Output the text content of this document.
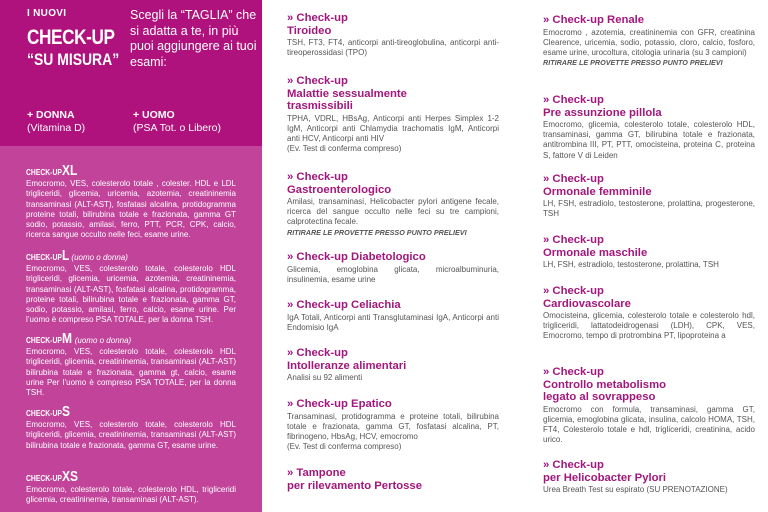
I NUOVI
CHECK-UP
“SU MISURA”
Scegli la “TAGLIA” che si adatta a te, in più puoi aggiungere ai tuoi esami:
+ DONNA
(Vitamina D)
+ UOMO
(PSA Tot. o Libero)
CHECK-UP XL
Emocromo, VES, colesterolo totale , colester. HDL e LDL trigliceridi, glicemia, uricemia, azotemia, creatininemia transaminasi (ALT-AST), fosfatasi alcalina, protidogramma proteine totali, bilirubina totale e frazionata, gamma GT sodio, potassio, amilasi, ferro, PTT, PCR, CPK, calcio, ricerca sangue occulto nelle feci, esame urine.
CHECK-UP L (uomo o donna)
Emocromo, VES, colesterolo totale, colesterolo HDL trigliceridi, glicemia, uricemia, azotemia, creatininemia, transaminasi (ALT-AST), fosfatasi alcalina, protidogramma, proteine totali, bilirubina totale e frazionata, gamma GT, sodio, potassio, amilasi, ferro, calcio, esame urine. Per l’uomo è compreso PSA TOTALE, per la donna TSH.
CHECK-UP M (uomo o donna)
Emocromo, VES, colesterolo totale, colesterolo HDL trigliceridi, glicemia, creatininemia, transaminasi (ALT-AST) bilirubina totale e frazionata, gamma gt, calcio, esame urine Per l’uomo è compreso PSA TOTALE, per la donna TSH.
CHECK-UP S
Emocromo, VES, colesterolo totale, colesterolo HDL trigliceridi, glicemia, creatininemia, transaminasi (ALT-AST) bilirubina totale e frazionata, gamma GT, esame urine.
CHECK-UP XS
Emocromo, colesterolo totale, colesterolo HDL, trigliceridi glicemia, creatininemia, transaminasi (ALT-AST).
» Check-up
Tiroideo
TSH, FT3, FT4, anticorpi anti-tireoglobulina, anticorpi anti-tireoperossidasi (TPO)
» Check-up
Malattie sessualmente
trasmissibili
TPHA, VDRL, HBsAg, Anticorpi anti Herpes Simplex 1-2 IgM, Anticorpi anti Chlamydia trachomatis IgM, Anticorpi anti HCV, Anticorpi anti HIV
(Ev. Test di conferma compreso)
» Check-up
Gastroenterologico
Amilasi, transaminasi, Helicobacter pylori antigene fecale, ricerca del sangue occulto nelle feci su tre campioni, calprotectina fecale.
RITIRARE LE PROVETTE PRESSO PUNTO PRELIEVI
» Check-up Diabetologico
Glicemia, emoglobina glicata, microalbuminuria, insulinemia, esame urine
» Check-up Celiachia
IgA Totali, Anticorpi anti Transglutaminasi IgA, Anticorpi anti Endomisio IgA
» Check-up
Intolleranze alimentari
Analisi su 92 alimenti
» Check-up Epatico
Transaminasi, protidogramma e proteine totali, bilirubina totale e frazionata, gamma GT, fosfatasi alcalina, PT, fibrinogeno, HbsAg, HCV, emocromo
(Ev. Test di conferma compreso)
» Tampone
per rilevamento Pertosse
» Check-up Renale
Emocromo , azotemia, creatininemia con GFR, creatinina Clearence, uricemia, sodio, potassio, cloro, calcio, fosforo, esame urine, urocoltura, citologia urinaria (su 3 campioni)
RITIRARE LE PROVETTE PRESSO PUNTO PRELIEVI
» Check-up
Pre assunzione pillola
Emocromo, glicemia, colesterolo totale, colesterolo HDL, transaminasi, gamma GT, bilirubina totale e frazionata, antitrombina III, PT, PTT, omocisteina, proteina C, proteina S, fattore V di Leiden
» Check-up
Ormonale femminile
LH, FSH, estradiolo, testosterone, prolattina, progesterone, TSH
» Check-up
Ormonale maschile
LH, FSH, estradiolo, testosterone, prolattina, TSH
» Check-up
Cardiovascolare
Omocisteina, glicemia, colesterolo totale e colesterolo hdl, trigliceridi, lattatodeidrogenasi (LDH), CPK, VES, Emocromo, tempo di protrombina PT, lipoproteina a
» Check-up
Controllo metabolismo
legato al sovrappeso
Emocromo con formula, transaminasi, gamma GT, glicemia, emoglobina glicata, insulina, calcolo HOMA, TSH, FT4, Colesterolo totale e hdl, trigliceridi, creatinina, acido urico.
» Check-up
per Helicobacter Pylori
Urea Breath Test su espirato (SU PRENOTAZIONE)
